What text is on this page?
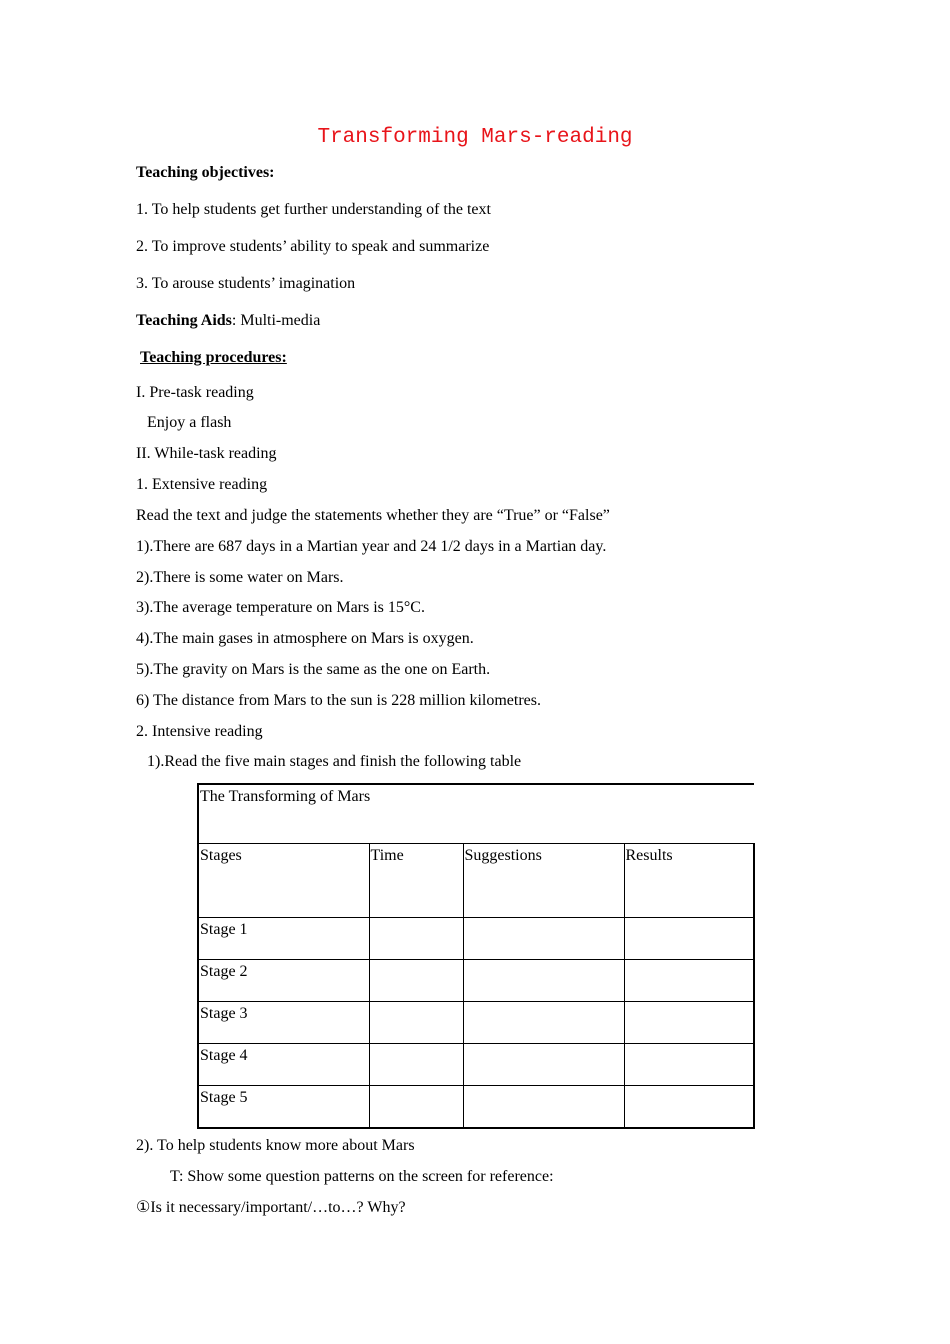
Transforming Mars-reading
Teaching objectives:
1. To help students get further understanding of the text
2. To improve students’ ability to speak and summarize
3. To arouse students’ imagination
Teaching Aids: Multi-media
Teaching procedures:
I. Pre-task reading
Enjoy a flash
II. While-task reading
1. Extensive reading
Read the text and judge the statements whether they are “True” or “False”
1).There are 687 days in a Martian year and 24 1/2 days in a Martian day.
2).There is some water on Mars.
3).The average temperature on Mars is 15°C.
4).The main gases in atmosphere on Mars is oxygen.
5).The gravity on Mars is the same as the one on Earth.
6) The distance from Mars to the sun is 228 million kilometres.
2. Intensive reading
1).Read the five main stages and finish the following table
The Transforming of Mars			
Stages	Time	Suggestions	Results
Stage 1			
Stage 2			
Stage 3			
Stage 4			
Stage 5			
2). To help students know more about Mars
T: Show some question patterns on the screen for reference:
①Is it necessary/important/…to…? Why?
